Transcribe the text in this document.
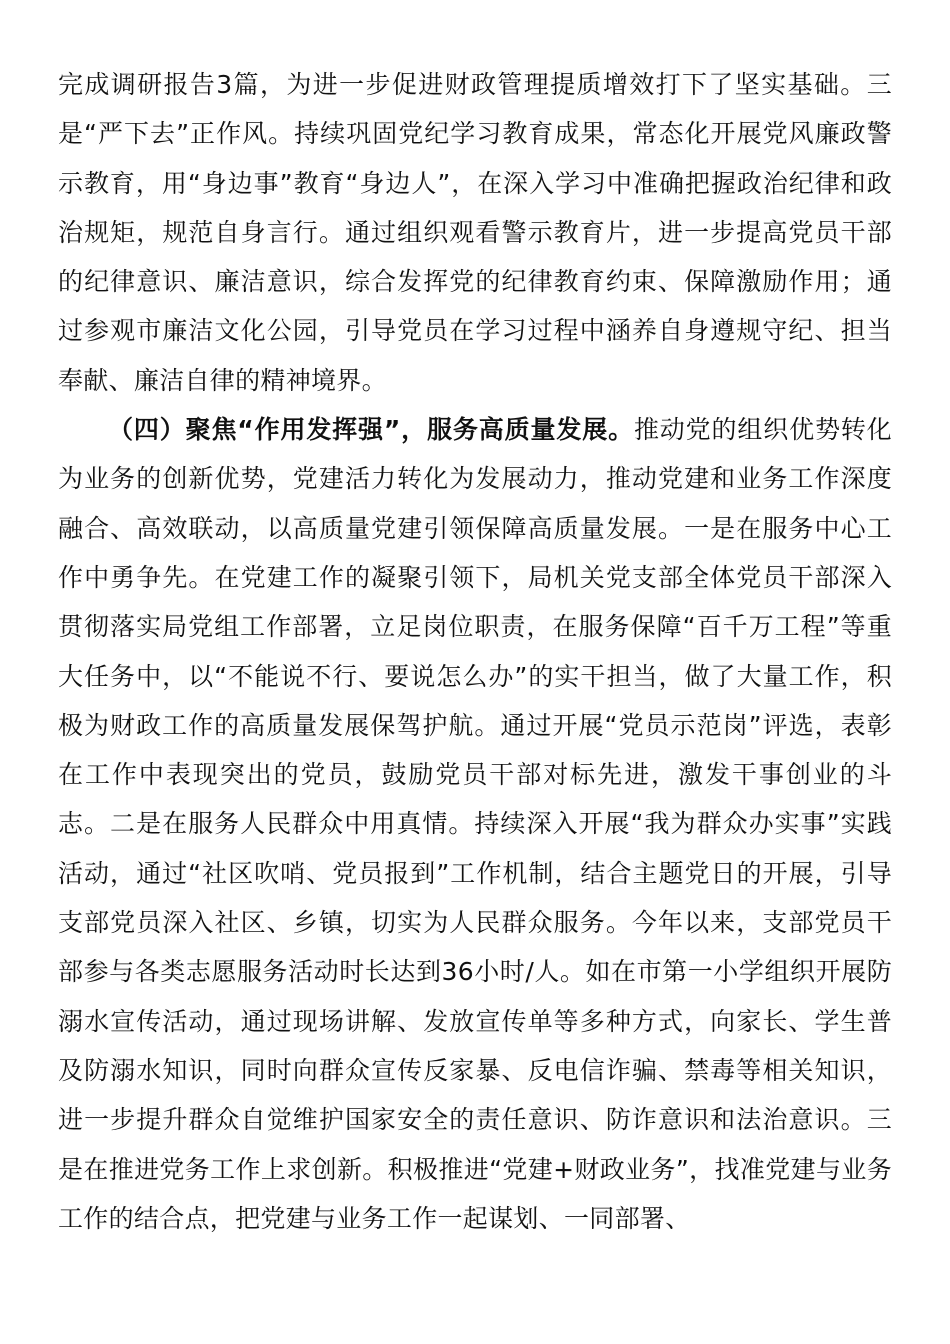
完成调研报告3篇，为进一步促进财政管理提质增效打下了坚实基础。三是“严下去”正作风。持续巩固党纪学习教育成果，常态化开展党风廉政警示教育，用“身边事”教育“身边人”，在深入学习中准确把握政治纪律和政治规矩，规范自身言行。通过组织观看警示教育片，进一步提高党员干部的纪律意识、廉洁意识，综合发挥党的纪律教育约束、保障激励作用；通过参观市廉洁文化公园，引导党员在学习过程中涵养自身遵规守纪、担当奉献、廉洁自律的精神境界。

（四）聚焦“作用发挥强”，服务高质量发展。推动党的组织优势转化为业务的创新优势，党建活力转化为发展动力，推动党建和业务工作深度融合、高效联动，以高质量党建引领保障高质量发展。一是在服务中心工作中勇争先。在党建工作的凝聚引领下，局机关党支部全体党员干部深入贯彻落实局党组工作部署，立足岗位职责，在服务保障“百千万工程”等重大任务中，以“不能说不行、要说怎么办”的实干担当，做了大量工作，积极为财政工作的高质量发展保驾护航。通过开展“党员示范岗”评选，表彰在工作中表现突出的党员，鼓励党员干部对标先进，激发干事创业的斗志。二是在服务人民群众中用真情。持续深入开展“我为群众办实事”实践活动，通过“社区吹哨、党员报到”工作机制，结合主题党日的开展，引导支部党员深入社区、乡镇，切实为人民群众服务。今年以来，支部党员干部参与各类志愿服务活动时长达到36小时/人。如在市第一小学组织开展防溺水宣传活动，通过现场讲解、发放宣传单等多种方式，向家长、学生普及防溺水知识，同时向群众宣传反家暴、反电信诈骗、禁毒等相关知识，进一步提升群众自觉维护国家安全的责任意识、防诈意识和法治意识。三是在推进党务工作上求创新。积极推进“党建+财政业务”，找准党建与业务工作的结合点，把党建与业务工作一起谋划、一同部署、
